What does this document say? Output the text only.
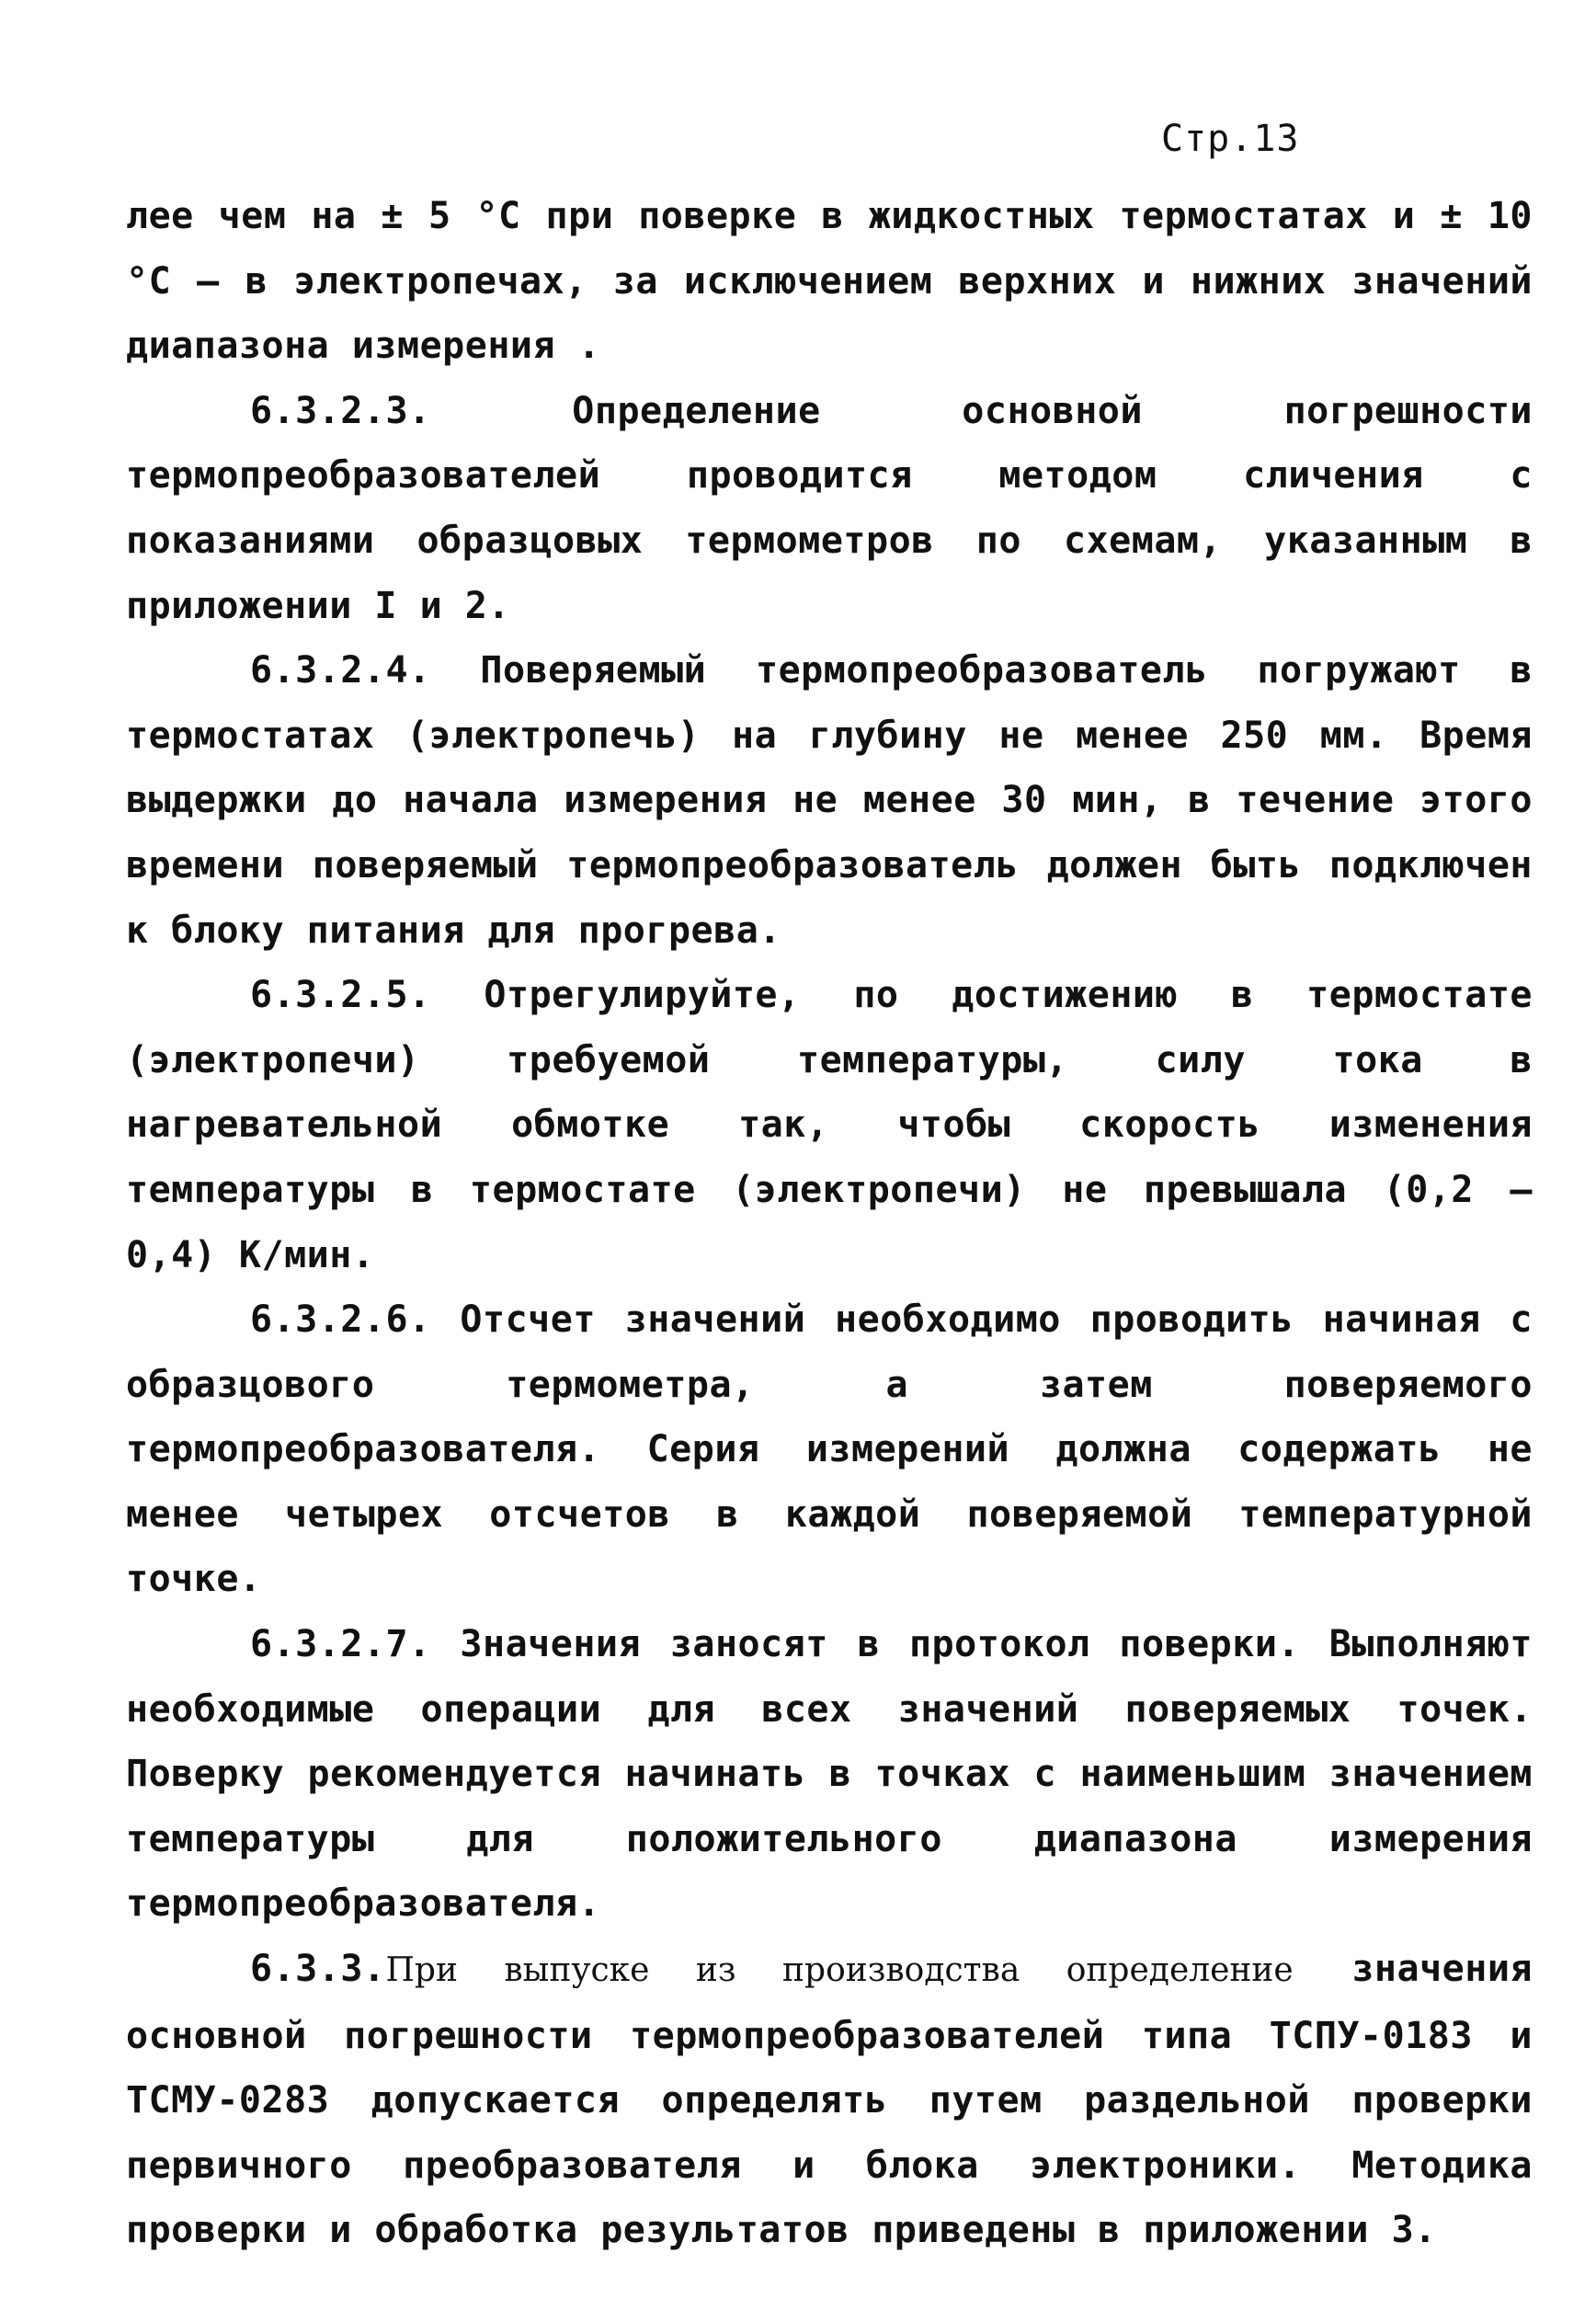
Стр.13

лее чем на ± 5 °C при поверке в жидкостных термостатах и ± 10 °C – в электропечах, за исключением верхних и нижних значений диапазона измерения .

6.3.2.3. Определение основной погрешности термопреобразователей проводится методом сличения с показаниями образцовых термометров по схемам, указанным в приложении I и 2.

6.3.2.4. Поверяемый термопреобразователь погружают в термостатах (электропечь) на глубину не менее 250 мм. Время выдержки до начала измерения не менее 30 мин, в течение этого времени поверяемый термопреобразователь должен быть подключен к блоку питания для прогрева.

6.3.2.5. Отрегулируйте, по достижению в термостате (электропечи) требуемой температуры, силу тока в нагревательной обмотке так, чтобы скорость изменения температуры в термостате (электропечи) не превышала (0,2 – 0,4) К/мин.

6.3.2.6. Отсчет значений необходимо проводить начиная с образцового термометра, а затем поверяемого термопреобразователя. Серия измерений должна содержать не менее четырех отсчетов в каждой поверяемой температурной точке.

6.3.2.7. Значения заносят в протокол поверки. Выполняют необходимые операции для всех значений поверяемых точек. Поверку рекомендуется начинать в точках с наименьшим значением температуры для положительного диапазона измерения термопреобразователя.

6.3.3.При выпуске из производства определение значения основной погрешности термопреобразователей типа ТСПУ-0183 и ТСМУ-0283 допускается определять путем раздельной проверки первичного преобразователя и блока электроники. Методика проверки и обработка результатов приведены в приложении 3.
